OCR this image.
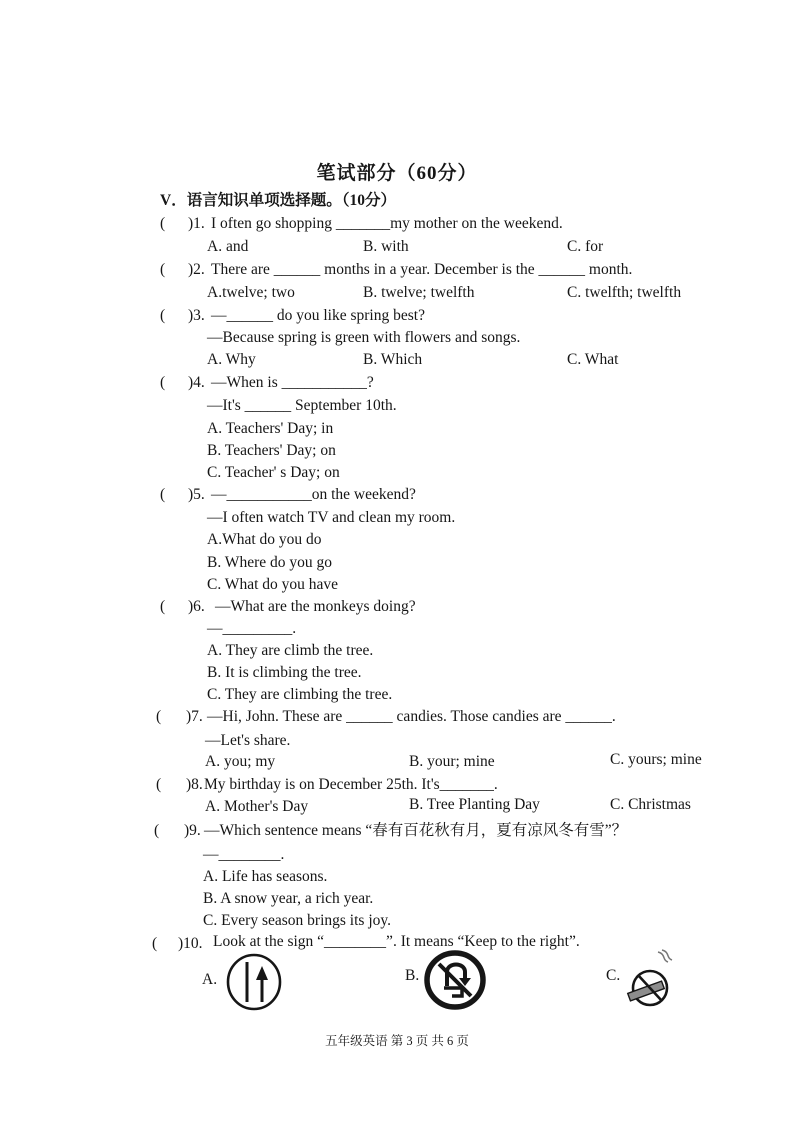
笔试部分（60分）
V．语言知识单项选择题。（10分）
( )1. I often go shopping _______my mother on the weekend.
A. and	B. with	C. for
( )2. There are ______ months in a year. December is the ______ month.
A.twelve; two	B. twelve; twelfth	C. twelfth; twelfth
( )3. —______ do you like spring best?
—Because spring is green with flowers and songs.
A. Why	B. Which	C. What
( )4. —When is ___________?
—It's ______ September 10th.
A. Teachers' Day; in
B. Teachers' Day; on
C. Teacher' s Day; on
( )5. —___________on the weekend?
—I often watch TV and clean my room.
A.What do you do
B. Where do you go
C. What do you have
( )6. —What are the monkeys doing?
—_________.
A. They are climb the tree.
B. It is climbing the tree.
C. They are climbing the tree.
( )7. —Hi, John. These are ______ candies. Those candies are ______.
—Let's share.
A. you; my	B. your; mine	C. yours; mine
( )8. My birthday is on December 25th. It's_______.
A. Mother's Day	B. Tree Planting Day	C. Christmas
( )9. —Which sentence means “春有百花秋有月，夏有凉风冬有雪”？
—________.
A. Life has seasons.
B. A snow year, a rich year.
C. Every season brings its joy.
( )10. Look at the sign “________”. It means “Keep to the right”.
A.	B.	C.
五年级英语 第 3 页 共 6 页
